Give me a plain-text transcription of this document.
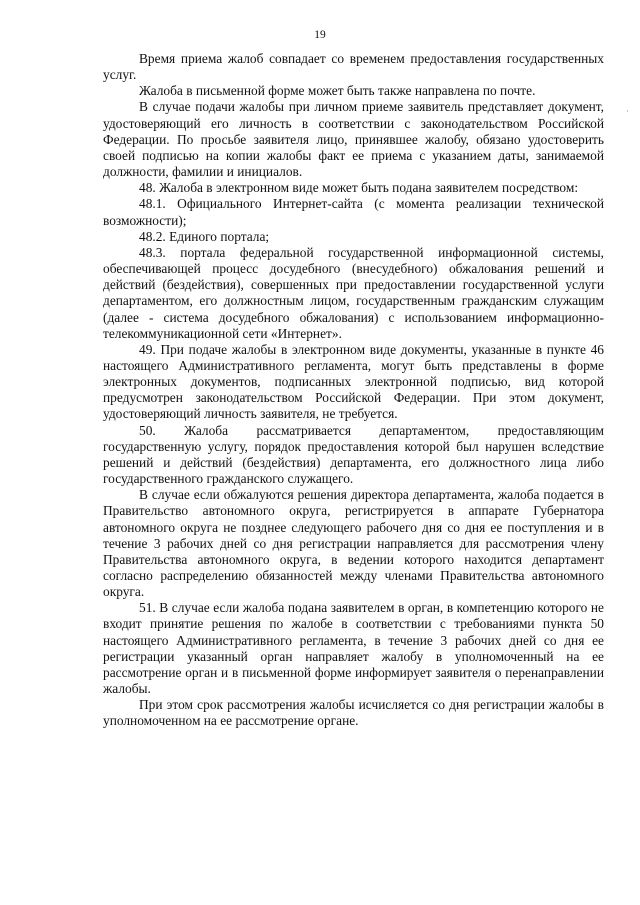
19
·

Время приема жалоб совпадает со временем предоставления государственных услуг.

Жалоба в письменной форме может быть также направлена по почте.

В случае подачи жалобы при личном приеме заявитель представляет документ, удостоверяющий его личность в соответствии с законодательством Российской Федерации. По просьбе заявителя лицо, принявшее жалобу, обязано удостоверить своей подписью на копии жалобы факт ее приема с указанием даты, занимаемой должности, фамилии и инициалов.

48. Жалоба в электронном виде может быть подана заявителем посредством:

48.1. Официального Интернет-сайта (с момента реализации технической возможности);

48.2. Единого портала;

48.3. портала федеральной государственной информационной системы, обеспечивающей процесс досудебного (внесудебного) обжалования решений и действий (бездействия), совершенных при предоставлении государственной услуги департаментом, его должностным лицом, государственным гражданским служащим (далее - система досудебного обжалования) с использованием информационно-телекоммуникационной сети «Интернет».

49. При подаче жалобы в электронном виде документы, указанные в пункте 46 настоящего Административного регламента, могут быть представлены в форме электронных документов, подписанных электронной подписью, вид которой предусмотрен законодательством Российской Федерации. При этом документ, удостоверяющий личность заявителя, не требуется.

50. Жалоба рассматривается департаментом, предоставляющим государственную услугу, порядок предоставления которой был нарушен вследствие решений и действий (бездействия) департамента, его должностного лица либо государственного гражданского служащего.

В случае если обжалуются решения директора департамента, жалоба подается в Правительство автономного округа, регистрируется в аппарате Губернатора автономного округа не позднее следующего рабочего дня со дня ее поступления и в течение 3 рабочих дней со дня регистрации направляется для рассмотрения члену Правительства автономного округа, в ведении которого находится департамент согласно распределению обязанностей между членами Правительства автономного округа.

51. В случае если жалоба подана заявителем в орган, в компетенцию которого не входит принятие решения по жалобе в соответствии с требованиями пункта 50 настоящего Административного регламента, в течение 3 рабочих дней со дня ее регистрации указанный орган направляет жалобу в уполномоченный на ее рассмотрение орган и в письменной форме информирует заявителя о перенаправлении жалобы.

При этом срок рассмотрения жалобы исчисляется со дня регистрации жалобы в уполномоченном на ее рассмотрение органе.
